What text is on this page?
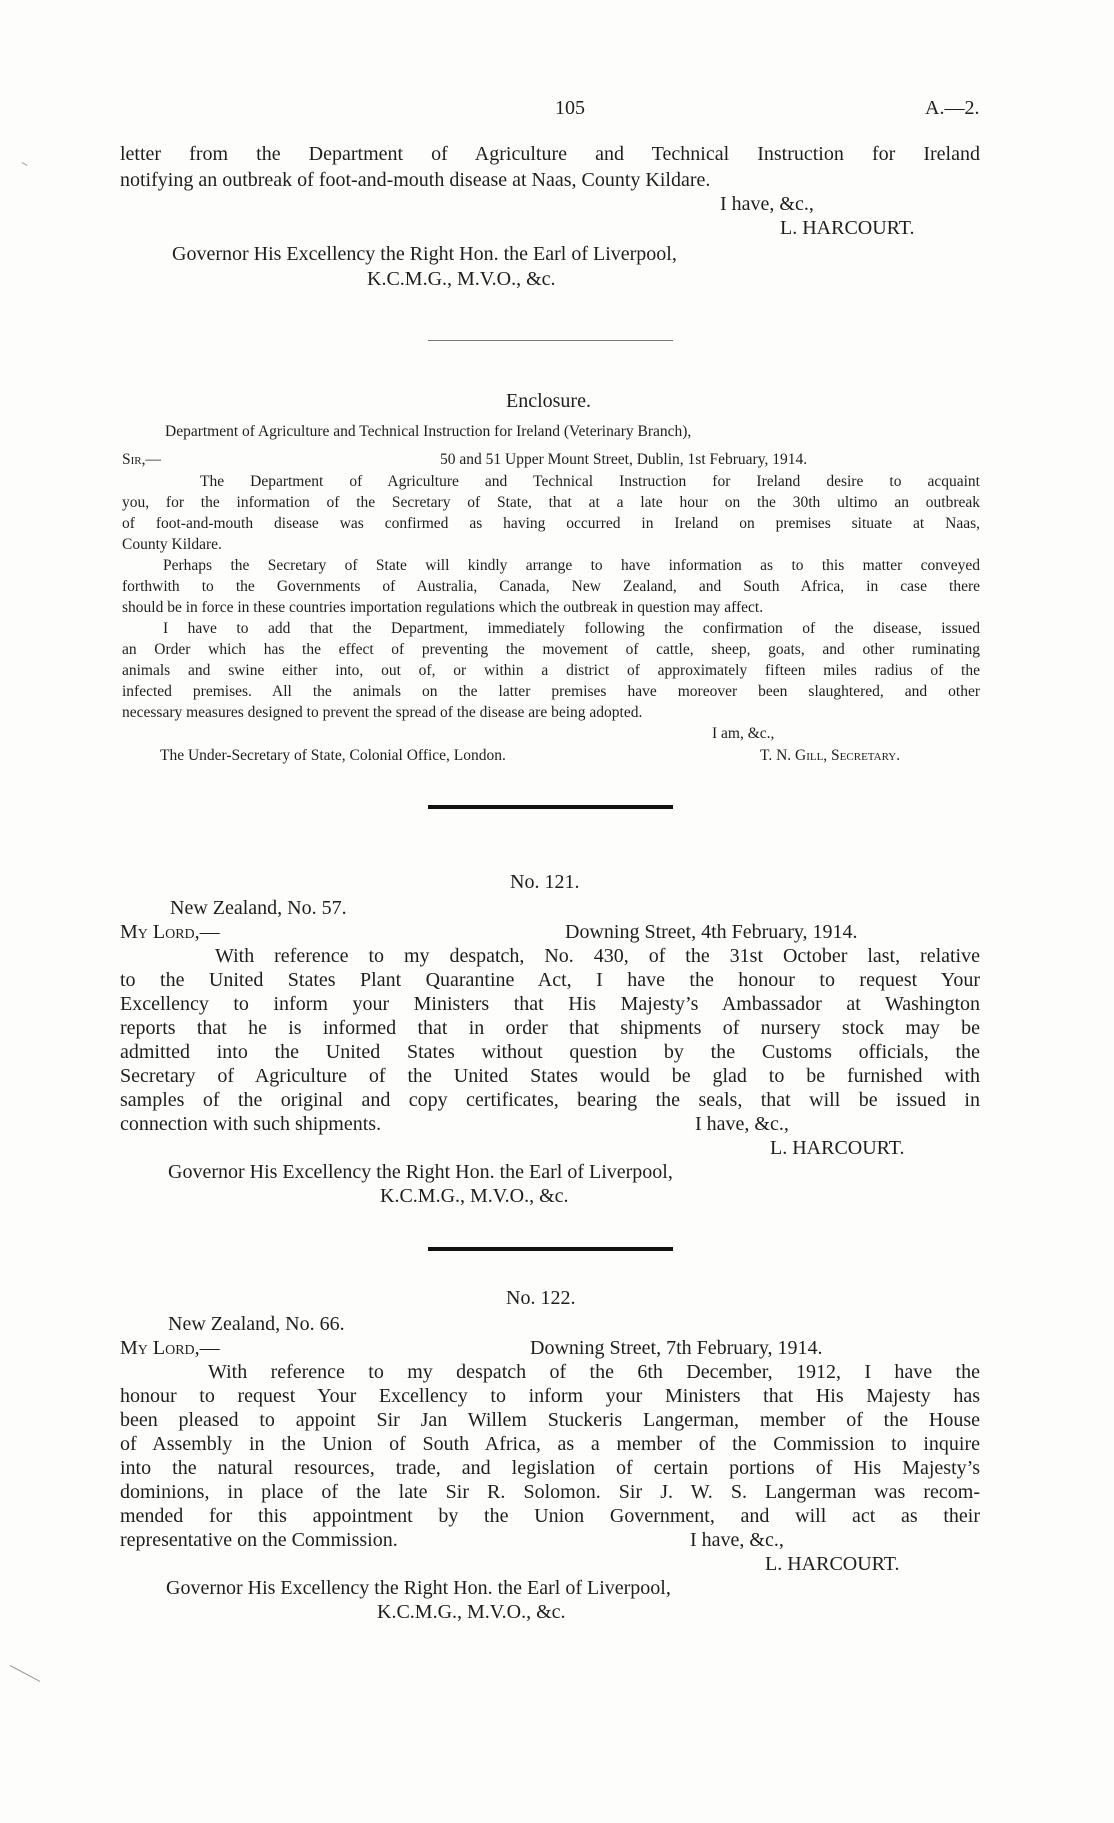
105	A.—2.
letter from the Department of Agriculture and Technical Instruction for Ireland
notifying an outbreak of foot-and-mouth disease at Naas, County Kildare.
I have, &c.,
L. HARCOURT.
Governor His Excellency the Right Hon. the Earl of Liverpool,
K.C.M.G., M.V.O., &c.
Enclosure.
Department of Agriculture and Technical Instruction for Ireland (Veterinary Branch),
Sir,—	50 and 51 Upper Mount Street, Dublin, 1st February, 1914.
The Department of Agriculture and Technical Instruction for Ireland desire to acquaint
you, for the information of the Secretary of State, that at a late hour on the 30th ultimo an outbreak
of foot-and-mouth disease was confirmed as having occurred in Ireland on premises situate at Naas,
County Kildare.
Perhaps the Secretary of State will kindly arrange to have information as to this matter conveyed
forthwith to the Governments of Australia, Canada, New Zealand, and South Africa, in case there
should be in force in these countries importation regulations which the outbreak in question may affect.
I have to add that the Department, immediately following the confirmation of the disease, issued
an Order which has the effect of preventing the movement of cattle, sheep, goats, and other ruminating
animals and swine either into, out of, or within a district of approximately fifteen miles radius of the
infected premises. All the animals on the latter premises have moreover been slaughtered, and other
necessary measures designed to prevent the spread of the disease are being adopted.
I am, &c.,
The Under-Secretary of State, Colonial Office, London.	T. N. Gill, Secretary.
No. 121.
New Zealand, No. 57.
My Lord,—	Downing Street, 4th February, 1914.
With reference to my despatch, No. 430, of the 31st October last, relative
to the United States Plant Quarantine Act, I have the honour to request Your
Excellency to inform your Ministers that His Majesty’s Ambassador at Washington
reports that he is informed that in order that shipments of nursery stock may be
admitted into the United States without question by the Customs officials, the
Secretary of Agriculture of the United States would be glad to be furnished with
samples of the original and copy certificates, bearing the seals, that will be issued in
connection with such shipments.	I have, &c.,
L. HARCOURT.
Governor His Excellency the Right Hon. the Earl of Liverpool,
K.C.M.G., M.V.O., &c.
No. 122.
New Zealand, No. 66.
My Lord,—	Downing Street, 7th February, 1914.
With reference to my despatch of the 6th December, 1912, I have the
honour to request Your Excellency to inform your Ministers that His Majesty has
been pleased to appoint Sir Jan Willem Stuckeris Langerman, member of the House
of Assembly in the Union of South Africa, as a member of the Commission to inquire
into the natural resources, trade, and legislation of certain portions of His Majesty’s
dominions, in place of the late Sir R. Solomon. Sir J. W. S. Langerman was recom-
mended for this appointment by the Union Government, and will act as their
representative on the Commission.	I have, &c.,
L. HARCOURT.
Governor His Excellency the Right Hon. the Earl of Liverpool,
K.C.M.G., M.V.O., &c.
